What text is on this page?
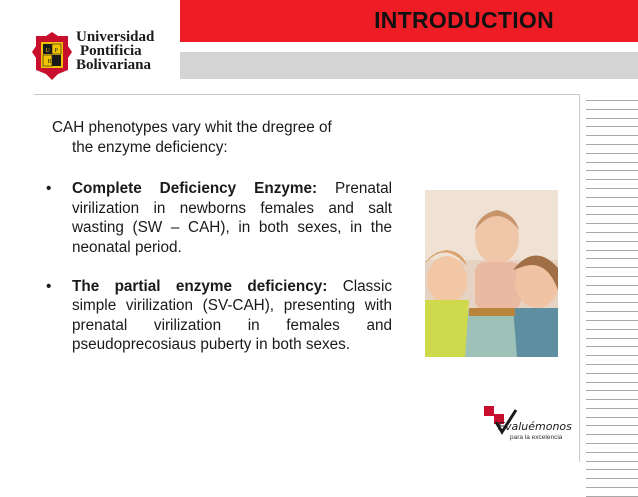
INTRODUCTION
U P
B
Universidad
Pontificia
Bolivariana

CAH phenotypes vary whit the dregree of
the enzyme deficiency:

• Complete Deficiency Enzyme: Prenatal virilization in newborns females and salt wasting (SW – CAH), in both sexes, in the neonatal period.
• The partial enzyme deficiency: Classic simple virilization (SV-CAH), presenting with prenatal virilization in females and pseudoprecosiaus puberty in both sexes.
Evaluémonos
para la excelencia
